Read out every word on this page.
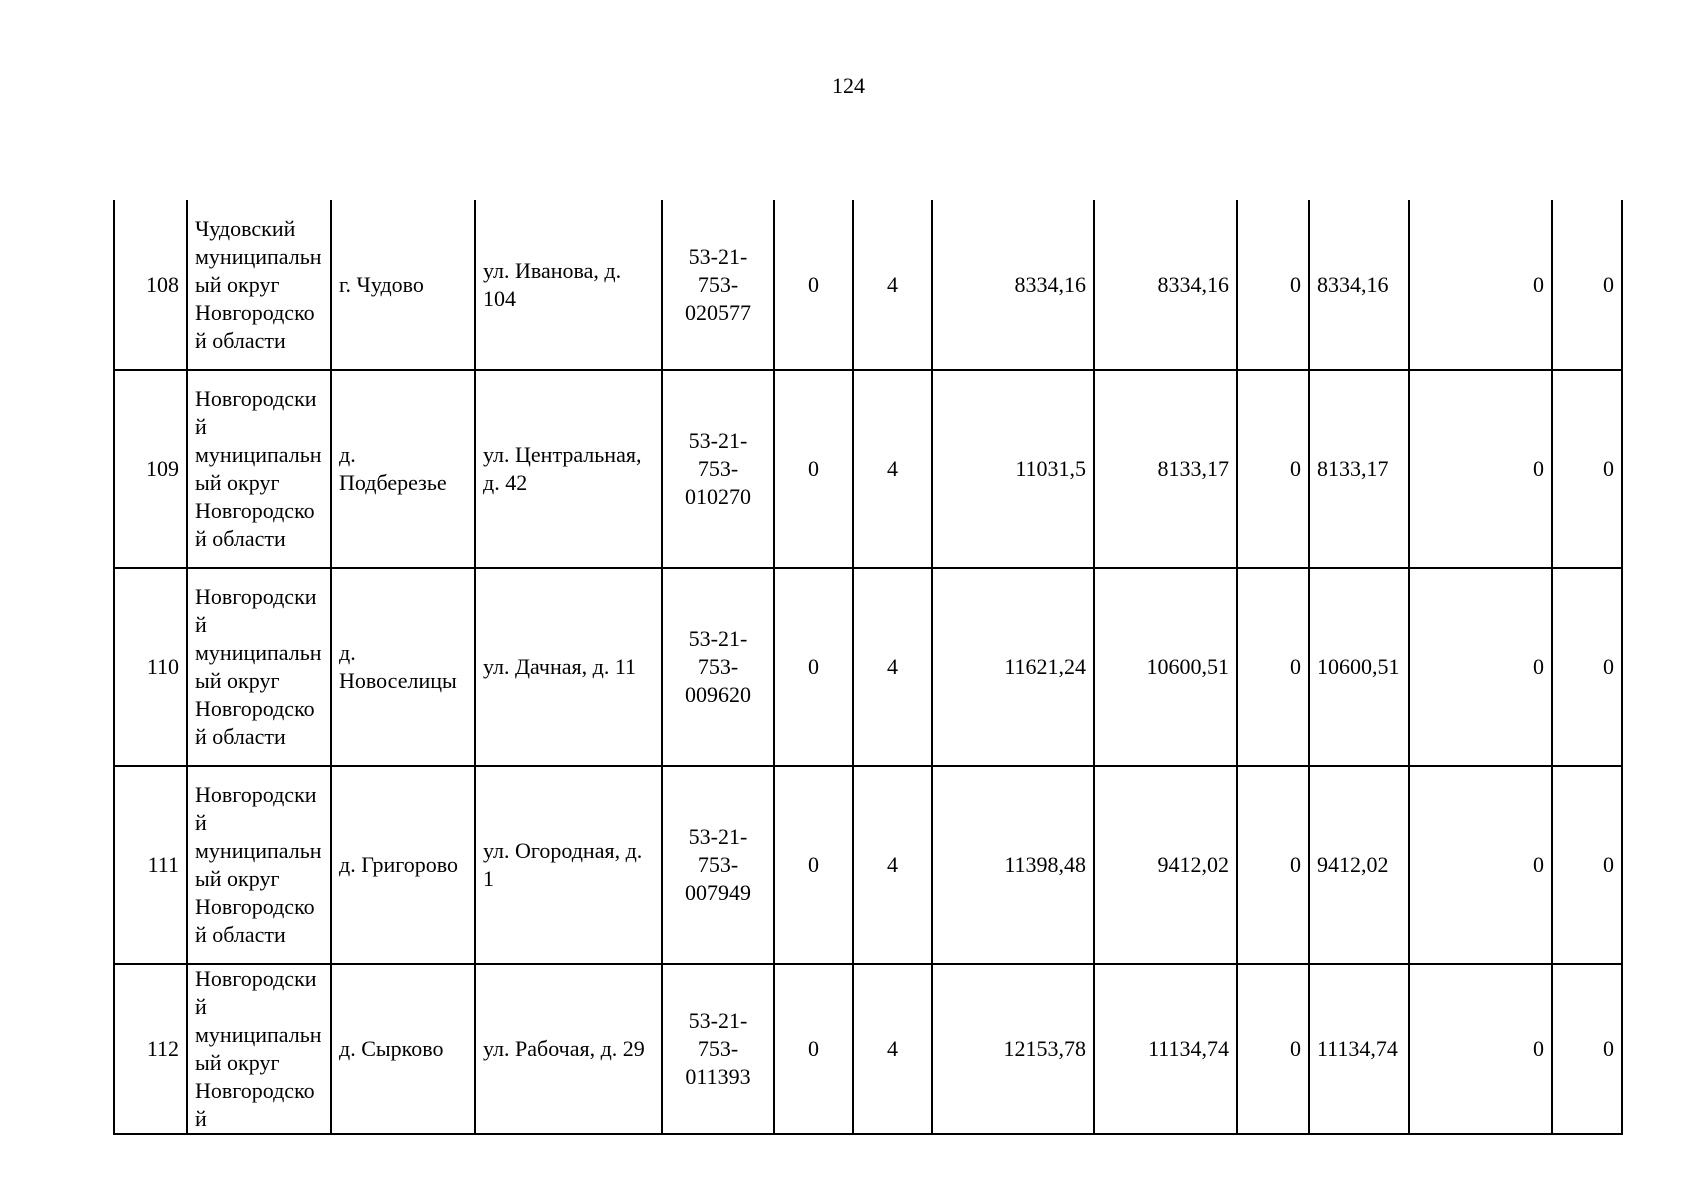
124
108	Чудовский муниципальный округ Новгородской области	г. Чудово	ул. Иванова, д. 104	53-21-753-020577	0	4	8334,16	8334,16	0	8334,16	0	0
109	Новгородский муниципальный округ Новгородской области	д. Подберезье	ул. Центральная, д. 42	53-21-753-010270	0	4	11031,5	8133,17	0	8133,17	0	0
110	Новгородский муниципальный округ Новгородской области	д. Новоселицы	ул. Дачная, д. 11	53-21-753-009620	0	4	11621,24	10600,51	0	10600,51	0	0
111	Новгородский муниципальный округ Новгородской области	д. Григорово	ул. Огородная, д. 1	53-21-753-007949	0	4	11398,48	9412,02	0	9412,02	0	0
112	Новгородский муниципальный округ Новгородской	д. Сырково	ул. Рабочая, д. 29	53-21-753-011393	0	4	12153,78	11134,74	0	11134,74	0	0
